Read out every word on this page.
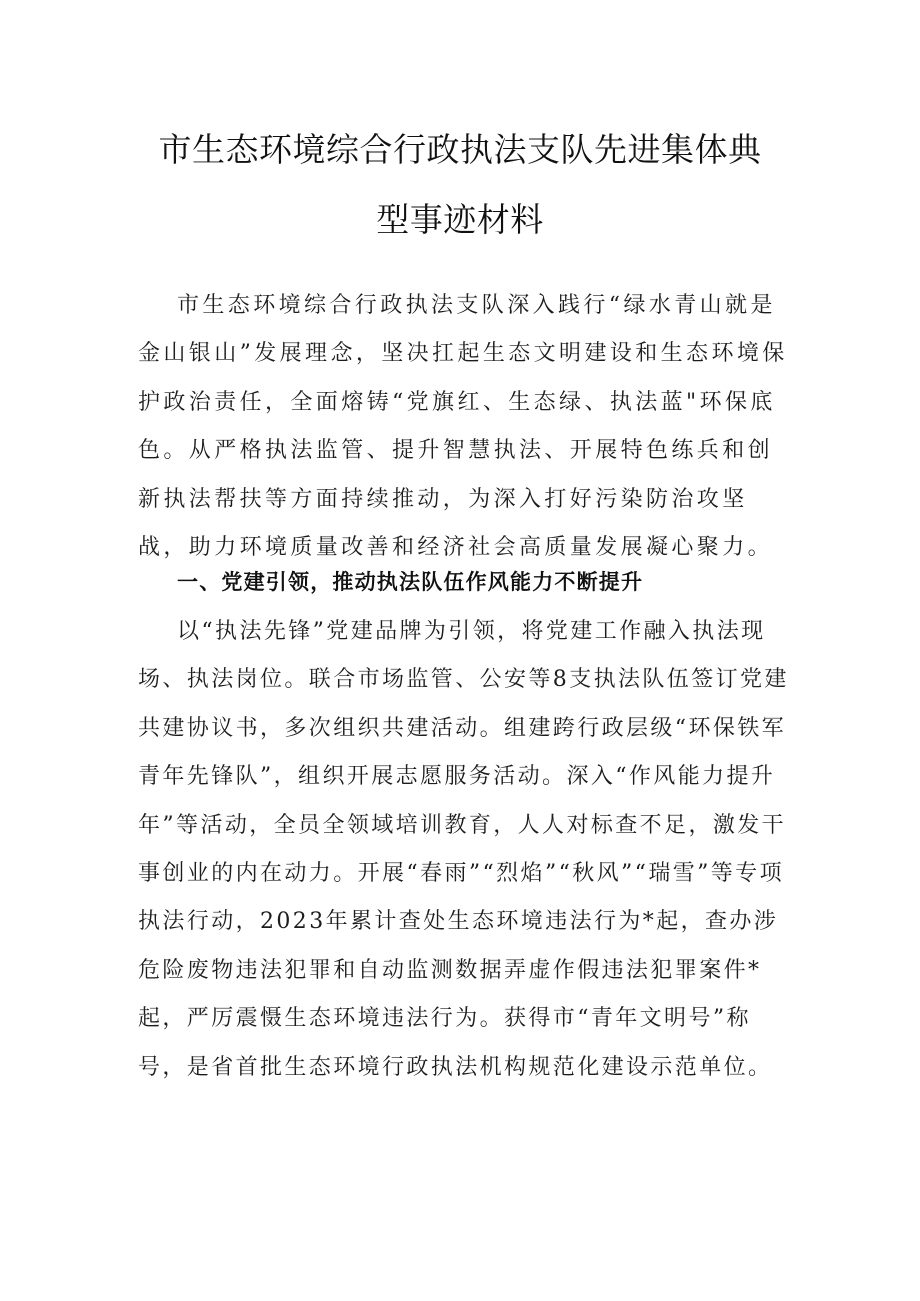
市生态环境综合行政执法支队先进集体典
型事迹材料
市生态环境综合行政执法支队深入践行“绿水青山就是金山银山”发展理念，坚决扛起生态文明建设和生态环境保护政治责任，全面熔铸“党旗红、生态绿、执法蓝"环保底色。从严格执法监管、提升智慧执法、开展特色练兵和创新执法帮扶等方面持续推动，为深入打好污染防治攻坚战，助力环境质量改善和经济社会高质量发展凝心聚力。
一、党建引领，推动执法队伍作风能力不断提升
以“执法先锋”党建品牌为引领，将党建工作融入执法现场、执法岗位。联合市场监管、公安等8支执法队伍签订党建共建协议书，多次组织共建活动。组建跨行政层级“环保铁军青年先锋队”，组织开展志愿服务活动。深入“作风能力提升年”等活动，全员全领域培训教育，人人对标查不足，激发干事创业的内在动力。开展“春雨”“烈焰”“秋风”“瑞雪”等专项执法行动，2023年累计查处生态环境违法行为*起，查办涉危险废物违法犯罪和自动监测数据弄虚作假违法犯罪案件*起，严厉震慑生态环境违法行为。获得市“青年文明号”称号，是省首批生态环境行政执法机构规范化建设示范单位。
